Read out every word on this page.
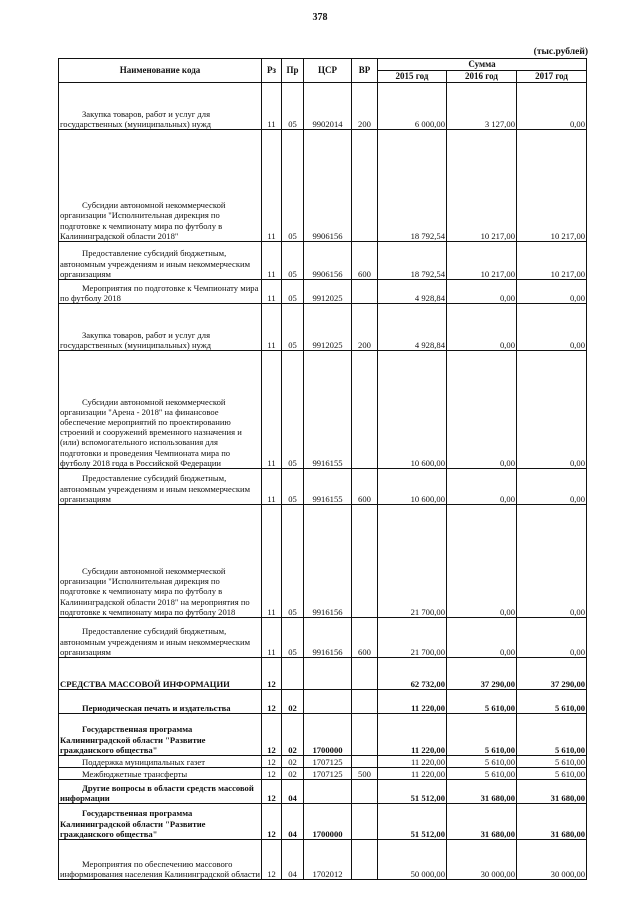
378
(тыс.рублей)
Наименование кода	Рз	Пр	ЦСР	ВР	Сумма		
					2015 год	2016 год	2017 год

Закупка товаров, работ и услуг для государственных (муниципальных) нужд	11	05	9902014	200	6 000,00	3 127,00	0,00

Субсидии автономной некоммерческой организации "Исполнительная дирекция по подготовке к чемпионату мира по футболу в Калининградской области 2018"	11	05	9906156		18 792,54	10 217,00	10 217,00

Предоставление субсидий бюджетным, автономным учреждениям и иным некоммерческим организациям	11	05	9906156	600	18 792,54	10 217,00	10 217,00

Мероприятия по подготовке к Чемпионату мира по футболу 2018	11	05	9912025		4 928,84	0,00	0,00

Закупка товаров, работ и услуг для государственных (муниципальных) нужд	11	05	9912025	200	4 928,84	0,00	0,00

Субсидии автономной некоммерческой организации "Арена - 2018" на финансовое обеспечение мероприятий по проектированию строений и сооружений временного назначения и (или) вспомогательного использования для подготовки и проведения Чемпионата мира по футболу 2018 года в Российской Федерации	11	05	9916155		10 600,00	0,00	0,00

Предоставление субсидий бюджетным, автономным учреждениям и иным некоммерческим организациям	11	05	9916155	600	10 600,00	0,00	0,00

Субсидии автономной некоммерческой организации "Исполнительная дирекция по подготовке к чемпионату мира по футболу в Калининградской области 2018" на мероприятия по подготовке к чемпионату мира по футболу 2018	11	05	9916156		21 700,00	0,00	0,00

Предоставление субсидий бюджетным, автономным учреждениям и иным некоммерческим организациям	11	05	9916156	600	21 700,00	0,00	0,00
СРЕДСТВА МАССОВОЙ ИНФОРМАЦИИ	12				62 732,00	37 290,00	37 290,00

Периодическая печать и издательства	12	02			11 220,00	5 610,00	5 610,00

Государственная программа Калининградской области "Развитие гражданского общества"	12	02	1700000		11 220,00	5 610,00	5 610,00

Поддержка муниципальных газет	12	02	1707125		11 220,00	5 610,00	5 610,00

Межбюджетные трансферты	12	02	1707125	500	11 220,00	5 610,00	5 610,00

Другие вопросы в области средств массовой информации	12	04			51 512,00	31 680,00	31 680,00

Государственная программа Калининградской области "Развитие гражданского общества"	12	04	1700000		51 512,00	31 680,00	31 680,00

Мероприятия по обеспечению массового информирования населения Калининградской области	12	04	1702012		50 000,00	30 000,00	30 000,00
